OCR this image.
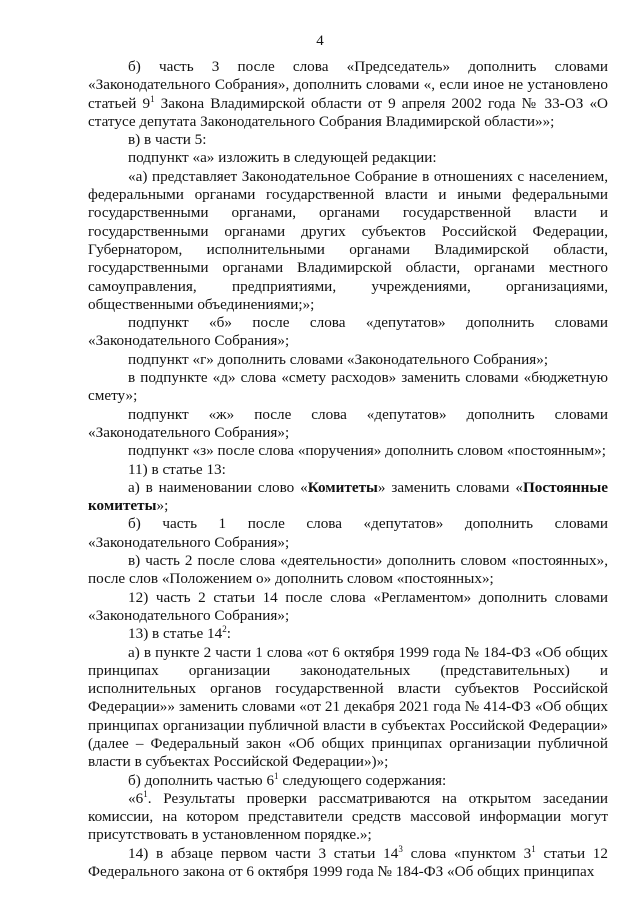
4

б) часть 3 после слова «Председатель» дополнить словами «Законодательного Собрания», дополнить словами «, если иное не установлено статьей $9^1$ Закона Владимирской области от 9 апреля 2002 года № 33-ОЗ «О статусе депутата Законодательного Собрания Владимирской области»»;

в) в части 5:

подпункт «а» изложить в следующей редакции:

«а) представляет Законодательное Собрание в отношениях с населением, федеральными органами государственной власти и иными федеральными государственными органами, органами государственной власти и государственными органами других субъектов Российской Федерации, Губернатором, исполнительными органами Владимирской области, государственными органами Владимирской области, органами местного самоуправления, предприятиями, учреждениями, организациями, общественными объединениями;»;

подпункт «б» после слова «депутатов» дополнить словами «Законодательного Собрания»;

подпункт «г» дополнить словами «Законодательного Собрания»;

в подпункте «д» слова «смету расходов» заменить словами «бюджетную смету»;

подпункт «ж» после слова «депутатов» дополнить словами «Законодательного Собрания»;

подпункт «з» после слова «поручения» дополнить словом «постоянным»;

11) в статье 13:

а) в наименовании слово «Комитеты» заменить словами «Постоянные комитеты»;

б) часть 1 после слова «депутатов» дополнить словами «Законодательного Собрания»;

в) часть 2 после слова «деятельности» дополнить словом «постоянных», после слов «Положением о» дополнить словом «постоянных»;

12) часть 2 статьи 14 после слова «Регламентом» дополнить словами «Законодательного Собрания»;

13) в статье $14^2$:

а) в пункте 2 части 1 слова «от 6 октября 1999 года № 184-ФЗ «Об общих принципах организации законодательных (представительных) и исполнительных органов государственной власти субъектов Российской Федерации»» заменить словами «от 21 декабря 2021 года № 414-ФЗ «Об общих принципах организации публичной власти в субъектах Российской Федерации» (далее – Федеральный закон «Об общих принципах организации публичной власти в субъектах Российской Федерации»)»;

б) дополнить частью $6^1$ следующего содержания:

«$6^1$. Результаты проверки рассматриваются на открытом заседании комиссии, на котором представители средств массовой информации могут присутствовать в установленном порядке.»;

14) в абзаце первом части 3 статьи $14^3$ слова «пунктом $3^1$ статьи 12 Федерального закона от 6 октября 1999 года № 184-ФЗ «Об общих принципах
